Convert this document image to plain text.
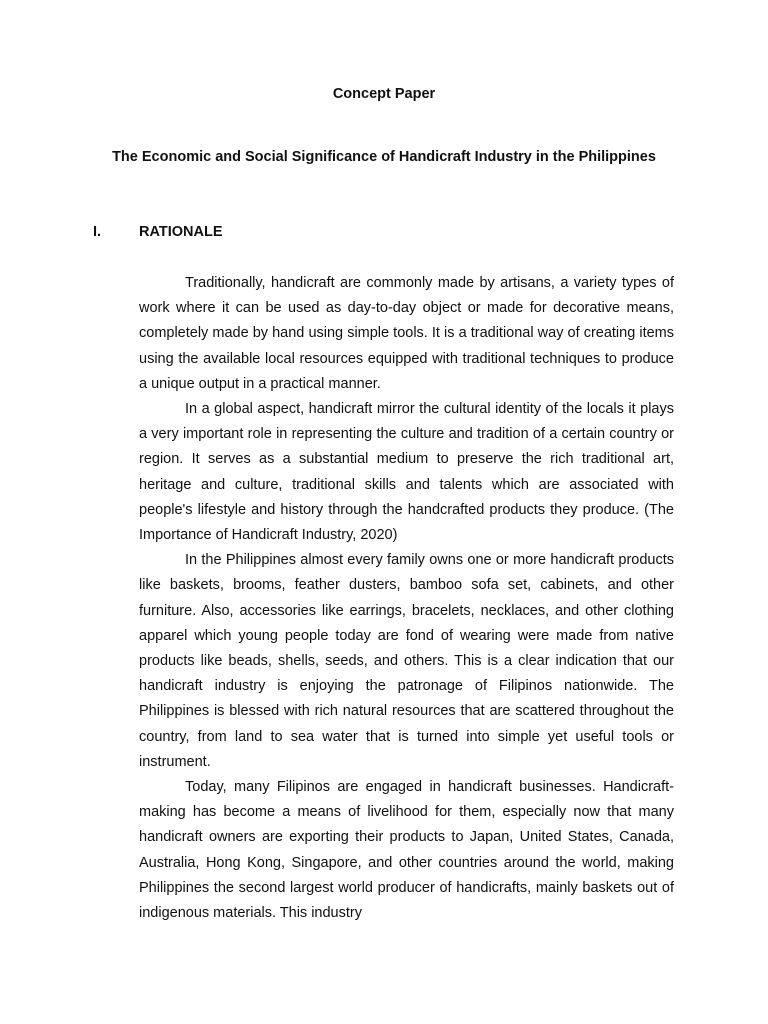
Concept Paper
The Economic and Social Significance of Handicraft Industry in the Philippines
I.	RATIONALE

Traditionally, handicraft are commonly made by artisans, a variety types of work where it can be used as day-to-day object or made for decorative means, completely made by hand using simple tools. It is a traditional way of creating items using the available local resources equipped with traditional techniques to produce a unique output in a practical manner.

In a global aspect, handicraft mirror the cultural identity of the locals it plays a very important role in representing the culture and tradition of a certain country or region. It serves as a substantial medium to preserve the rich traditional art, heritage and culture, traditional skills and talents which are associated with people's lifestyle and history through the handcrafted products they produce. (The Importance of Handicraft Industry, 2020)

In the Philippines almost every family owns one or more handicraft products like baskets, brooms, feather dusters, bamboo sofa set, cabinets, and other furniture. Also, accessories like earrings, bracelets, necklaces, and other clothing apparel which young people today are fond of wearing were made from native products like beads, shells, seeds, and others. This is a clear indication that our handicraft industry is enjoying the patronage of Filipinos nationwide. The Philippines is blessed with rich natural resources that are scattered throughout the country, from land to sea water that is turned into simple yet useful tools or instrument.

Today, many Filipinos are engaged in handicraft businesses. Handicraft-making has become a means of livelihood for them, especially now that many handicraft owners are exporting their products to Japan, United States, Canada, Australia, Hong Kong, Singapore, and other countries around the world, making Philippines the second largest world producer of handicrafts, mainly baskets out of indigenous materials. This industry
